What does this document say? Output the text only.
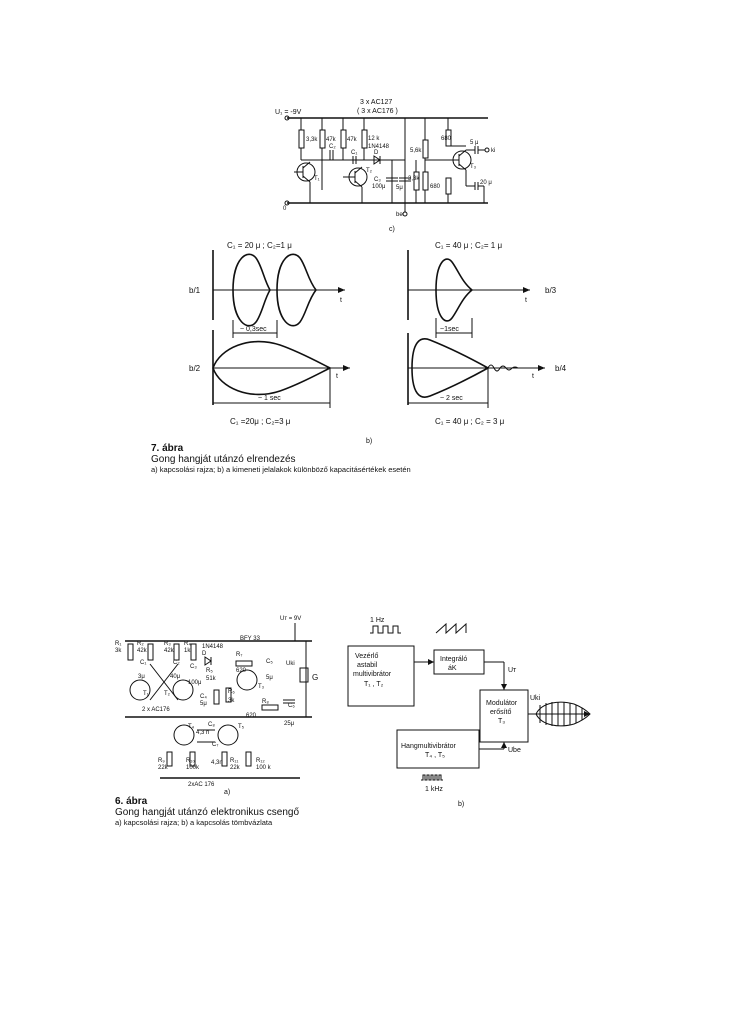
U₁ = -9V
3 x AC127
( 3 x AC176 )
3,3k 47k 47k 12 k
1N4148
C₂
C₁	D
C₃
100μ 5μ
3,3k
5,6k
680
680
5 μ
20 μ
ki
be
T₁
T₂
T₃
0
c)
C₁ = 20 μ ; C₂=1 μ	C₁ = 40 μ ; C₂= 1 μ
b/1	b/3
t	t
~ 0,3sec	~1sec
b/2	b/4
t	t
~ 1 sec	~ 2 sec
C₁ =20μ ; C₂=3 μ	C₁ = 40 μ ; C₂ = 3 μ
b)
Uт = 9V
R₁
3k
R₂
42k
R₃
42k
R₄
1k
1N4148
D
BFY 33
C₁
3μ
C₂
40μ
C₃
100μ
R₇
620
C₅
5μ
Uki
R₅
51k
C₄
5μ
R₆
3k	R₈
620
C₆
25μ
G
T₁	T₂
T₃
T₄	T₅
2 x AC176
C₈
4,3 n
C₇
4,3n
R₉
22k
R₁₀
100k
R₁₁
22k
R₁₂
100 k
2xAC 176
a)
1 Hz
Vezérlő
astabil
multivibrátor
T₁ , T₂
Integráló
áK
Modulátor
erősítő
T₃
Hangmultivibrátor
T₄ , T₅
Uт
Uki
Ube
1 kHz
b)
7. ábra
Gong hangját utánzó elrendezés
a) kapcsolási rajza; b) a kimeneti jelalakok különböző kapacitásértékek esetén
6. ábra
Gong hangját utánzó elektronikus csengő
a) kapcsolási rajza; b) a kapcsolás tömbvázlata
